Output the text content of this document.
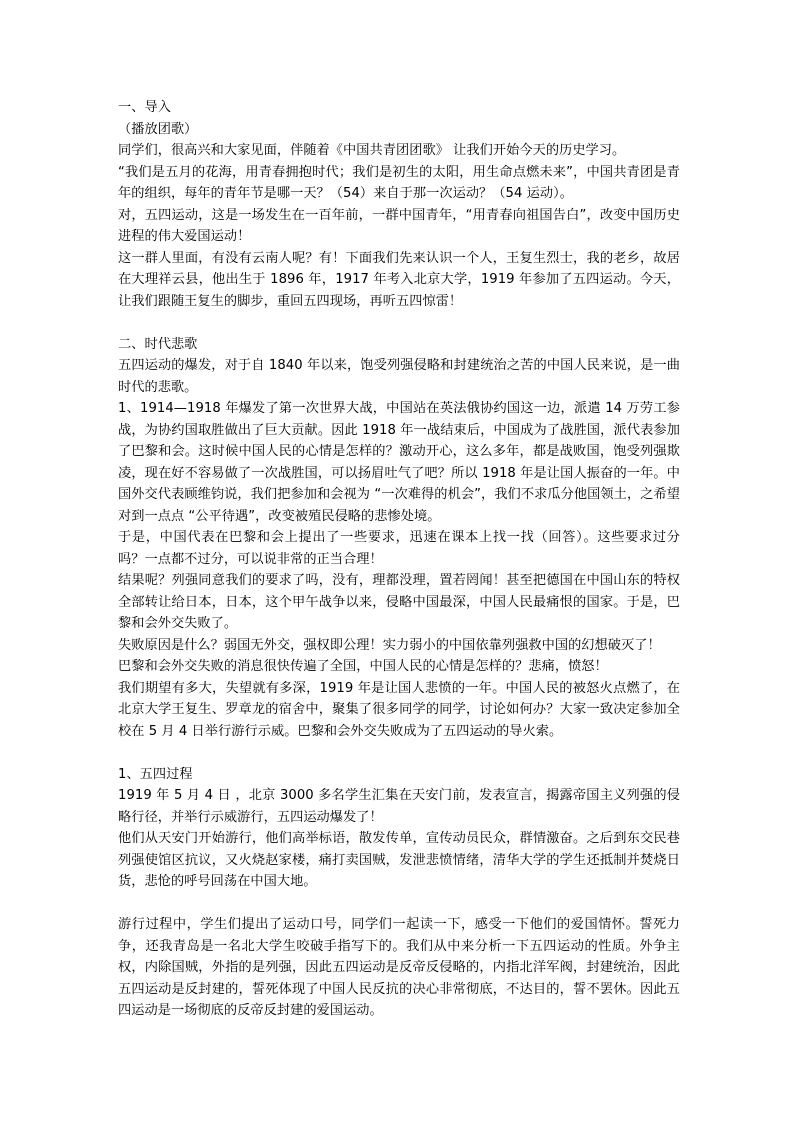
一、导入

（播放团歌）

同学们，很高兴和大家见面，伴随着《中国共青团团歌》 让我们开始今天的历史学习。

“我们是五月的花海，用青春拥抱时代；我们是初生的太阳，用生命点燃未来”，中国共青团是青年的组织，每年的青年节是哪一天？（54）来自于那一次运动？（54 运动）。

对，五四运动，这是一场发生在一百年前，一群中国青年，“用青春向祖国告白”，改变中国历史进程的伟大爱国运动！

这一群人里面，有没有云南人呢？有！下面我们先来认识一个人，王复生烈士，我的老乡，故居在大理祥云县，他出生于 1896 年，1917 年考入北京大学，1919 年参加了五四运动。今天，让我们跟随王复生的脚步，重回五四现场，再听五四惊雷！

二、时代悲歌

五四运动的爆发，对于自 1840 年以来，饱受列强侵略和封建统治之苦的中国人民来说，是一曲时代的悲歌。

1、1914—1918 年爆发了第一次世界大战，中国站在英法俄协约国这一边，派遣 14 万劳工参战，为协约国取胜做出了巨大贡献。因此 1918 年一战结束后，中国成为了战胜国，派代表参加了巴黎和会。这时候中国人民的心情是怎样的？激动开心，这么多年，都是战败国，饱受列强欺凌，现在好不容易做了一次战胜国，可以扬眉吐气了吧？所以 1918 年是让国人振奋的一年。中国外交代表顾维钧说，我们把参加和会视为 “一次难得的机会”，我们不求瓜分他国领土，之希望对到一点点 “公平待遇”，改变被殖民侵略的悲惨处境。

于是，中国代表在巴黎和会上提出了一些要求，迅速在课本上找一找（回答）。这些要求过分吗？一点都不过分，可以说非常的正当合理！

结果呢？列强同意我们的要求了吗，没有，理都没理，置若罔闻！甚至把德国在中国山东的特权全部转让给日本，日本，这个甲午战争以来，侵略中国最深，中国人民最痛恨的国家。于是，巴黎和会外交失败了。

失败原因是什么？弱国无外交，强权即公理！实力弱小的中国依靠列强救中国的幻想破灭了！

巴黎和会外交失败的消息很快传遍了全国，中国人民的心情是怎样的？悲痛，愤怒！

我们期望有多大，失望就有多深，1919 年是让国人悲愤的一年。中国人民的被怒火点燃了，在北京大学王复生、罗章龙的宿舍中，聚集了很多同学的同学，讨论如何办？大家一致决定参加全校在 5 月 4 日举行游行示威。巴黎和会外交失败成为了五四运动的导火索。

1、五四过程

1919 年 5 月 4 日 ，北京 3000 多名学生汇集在天安门前，发表宣言，揭露帝国主义列强的侵略行径，并举行示威游行，五四运动爆发了！

他们从天安门开始游行，他们高举标语，散发传单，宣传动员民众，群情激奋。之后到东交民巷列强使馆区抗议，又火烧赵家楼，痛打卖国贼，发泄悲愤情绪，清华大学的学生还抵制并焚烧日货，悲怆的呼号回荡在中国大地。

游行过程中，学生们提出了运动口号，同学们一起读一下，感受一下他们的爱国情怀。誓死力争，还我青岛是一名北大学生咬破手指写下的。我们从中来分析一下五四运动的性质。外争主权，内除国贼，外指的是列强，因此五四运动是反帝反侵略的，内指北洋军阀，封建统治，因此五四运动是反封建的，誓死体现了中国人民反抗的决心非常彻底，不达目的，誓不罢休。因此五四运动是一场彻底的反帝反封建的爱国运动。
